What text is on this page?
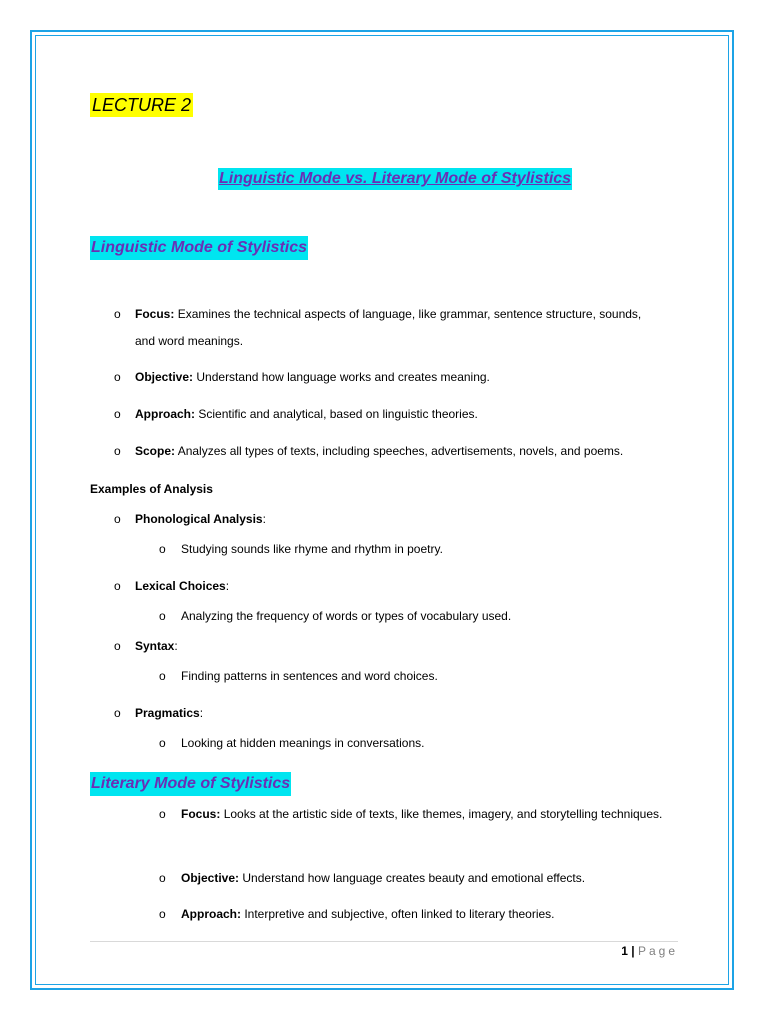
LECTURE 2
Linguistic Mode vs. Literary Mode of Stylistics
Linguistic Mode of Stylistics
o Focus: Examines the technical aspects of language, like grammar, sentence structure, sounds, and word meanings.
o Objective: Understand how language works and creates meaning.
o Approach: Scientific and analytical, based on linguistic theories.
o Scope: Analyzes all types of texts, including speeches, advertisements, novels, and poems.
Examples of Analysis
o Phonological Analysis:
o Studying sounds like rhyme and rhythm in poetry.
o Lexical Choices:
o Analyzing the frequency of words or types of vocabulary used.
o Syntax:
o Finding patterns in sentences and word choices.
o Pragmatics:
o Looking at hidden meanings in conversations.
Literary Mode of Stylistics
o Focus: Looks at the artistic side of texts, like themes, imagery, and storytelling techniques.
o Objective: Understand how language creates beauty and emotional effects.
o Approach: Interpretive and subjective, often linked to literary theories.
1 | Page
